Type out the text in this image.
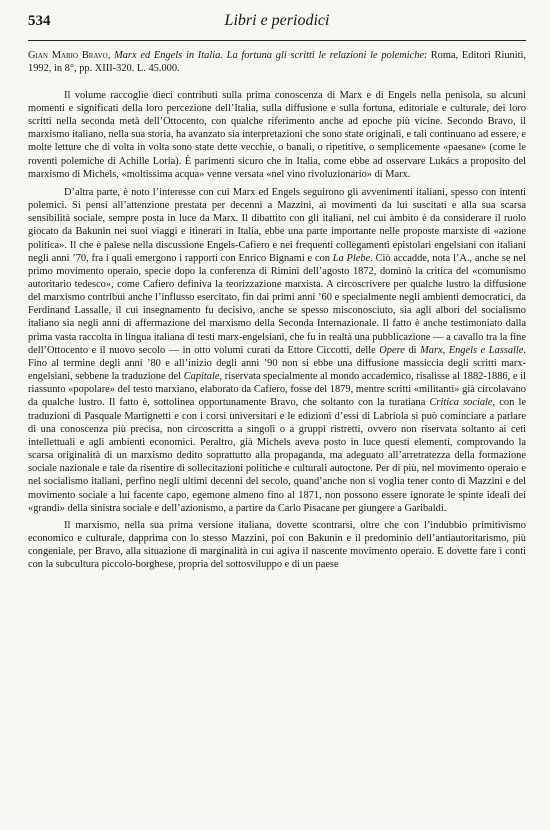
534	Libri e periodici

Gian Mario Bravo, Marx ed Engels in Italia. La fortuna gli scritti le relazioni le polemiche: Roma, Editori Riuniti, 1992, in 8°, pp. XIII-320. L. 45.000.

Il volume raccoglie dieci contributi sulla prima conoscenza di Marx e di Engels nella penisola, su alcuni momenti e significati della loro percezione dell’Italia, sulla diffusione e sulla fortuna, editoriale e culturale, dei loro scritti nella seconda metà dell’Ottocento, con qualche riferimento anche ad epoche più vicine. Secondo Bravo, il marxismo italiano, nella sua storia, ha avanzato sia interpretazioni che sono state originali, e tali continuano ad essere, e molte letture che di volta in volta sono state dette vecchie, o banali, o ripetitive, o semplicemente «paesane» (come le roventi polemiche di Achille Loria). È parimenti sicuro che in Italia, come ebbe ad osservare Lukács a proposito del marxismo di Michels, «moltissima acqua» venne versata «nel vino rivoluzionario» di Marx.

D’altra parte, è noto l’interesse con cui Marx ed Engels seguirono gli avvenimenti italiani, spesso con intenti polemici. Si pensi all’attenzione prestata per decenni a Mazzini, ai movimenti da lui suscitati e alla sua scarsa sensibilità sociale, sempre posta in luce da Marx. Il dibattito con gli italiani, nel cui àmbito è da considerare il ruolo giocato da Bakunin nei suoi viaggi e itinerari in Italia, ebbe una parte importante nelle proposte marxiste di «azione politica». Il che è palese nella discussione Engels-Cafiero e nei frequenti collegamenti epistolari engelsiani con italiani negli anni ’70, fra i quali emergono i rapporti con Enrico Bignami e con La Plebe. Ciò accadde, nota l’A., anche se nel primo movimento operaio, specie dopo la conferenza di Rimini dell’agosto 1872, dominò la critica del «comunismo autoritario tedesco», come Cafiero definiva la teorizzazione marxista. A circoscrivere per qualche lustro la diffusione del marxismo contribuì anche l’influsso esercitato, fin dai primi anni ’60 e specialmente negli ambienti democratici, da Ferdinand Lassalle, il cui insegnamento fu decisivo, anche se spesso misconosciuto, sia agli albori del socialismo italiano sia negli anni di affermazione del marxismo della Seconda Internazionale. Il fatto è anche testimoniato dalla prima vasta raccolta in lingua italiana di testi marx-engelsiani, che fu in realtà una pubblicazione — a cavallo tra la fine dell’Ottocento e il nuovo secolo — in otto volumi curati da Ettore Ciccotti, delle Opere di Marx, Engels e Lassalle. Fino al termine degli anni ’80 e all’inizio degli anni ’90 non si ebbe una diffusione massiccia degli scritti marx-engelsiani, sebbene la traduzione del Capitale, riservata specialmente al mondo accademico, risalisse al 1882-1886, e il riassunto «popolare» del testo marxiano, elaborato da Cafiero, fosse del 1879, mentre scritti «militanti» già circolavano da qualche lustro. Il fatto è, sottolinea opportunamente Bravo, che soltanto con la turatiana Critica sociale, con le traduzioni di Pasquale Martignetti e con i corsi universitari e le edizioni d’essi di Labriola si può cominciare a parlare di una conoscenza più precisa, non circoscritta a singoli o a gruppi ristretti, ovvero non riservata soltanto ai ceti intellettuali e agli ambienti economici. Peraltro, già Michels aveva posto in luce questi elementi, comprovando la scarsa originalità di un marxismo dedito soprattutto alla propaganda, ma adeguato all’arretratezza della formazione sociale nazionale e tale da risentire di sollecitazioni politiche e culturali autoctone. Per di più, nel movimento operaio e nel socialismo italiani, perfino negli ultimi decenni del secolo, quand’anche non si voglia tener conto di Mazzini e del movimento sociale a lui facente capo, egemone almeno fino al 1871, non possono essere ignorate le spinte ideali dei «grandi» della sinistra sociale e dell’azionismo, a partire da Carlo Pisacane per giungere a Garibaldi.

Il marxismo, nella sua prima versione italiana, dovette scontrarsi, oltre che con l’indubbio primitivismo economico e culturale, dapprima con lo stesso Mazzini, poi con Bakunin e il predominio dell’antiautoritarismo, più congeniale, per Bravo, alla situazione di marginalità in cui agiva il nascente movimento operaio. E dovette fare i conti con la subcultura piccolo-borghese, propria del sottosviluppo e di un paese
